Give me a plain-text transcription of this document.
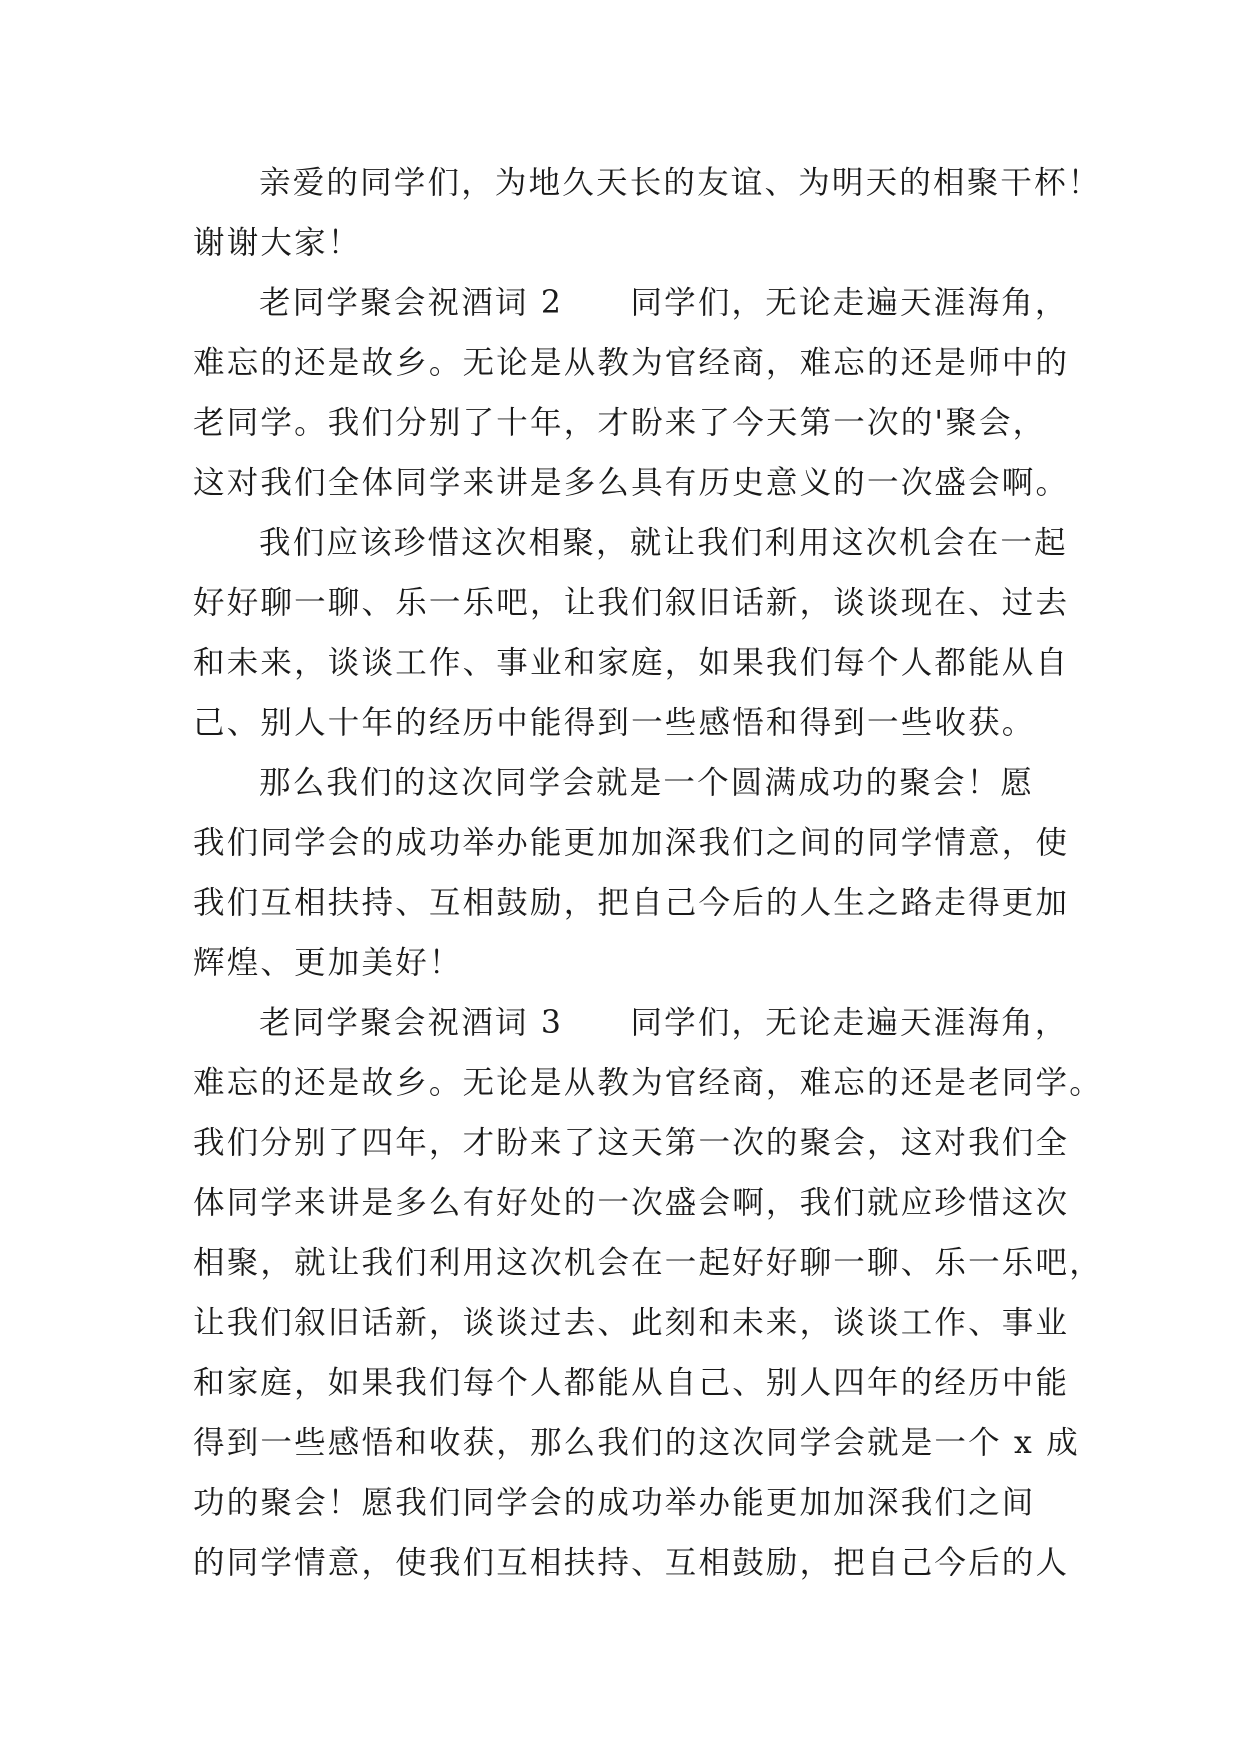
亲爱的同学们，为地久天长的友谊、为明天的相聚干杯！
谢谢大家！
老同学聚会祝酒词 2　　同学们，无论走遍天涯海角，
难忘的还是故乡。无论是从教为官经商，难忘的还是师中的
老同学。我们分别了十年，才盼来了今天第一次的'聚会，
这对我们全体同学来讲是多么具有历史意义的一次盛会啊。
我们应该珍惜这次相聚，就让我们利用这次机会在一起
好好聊一聊、乐一乐吧，让我们叙旧话新，谈谈现在、过去
和未来，谈谈工作、事业和家庭，如果我们每个人都能从自
己、别人十年的经历中能得到一些感悟和得到一些收获。
那么我们的这次同学会就是一个圆满成功的聚会！愿
我们同学会的成功举办能更加加深我们之间的同学情意，使
我们互相扶持、互相鼓励，把自己今后的人生之路走得更加
辉煌、更加美好！
老同学聚会祝酒词 3　　同学们，无论走遍天涯海角，
难忘的还是故乡。无论是从教为官经商，难忘的还是老同学。
我们分别了四年，才盼来了这天第一次的聚会，这对我们全
体同学来讲是多么有好处的一次盛会啊，我们就应珍惜这次
相聚，就让我们利用这次机会在一起好好聊一聊、乐一乐吧，
让我们叙旧话新，谈谈过去、此刻和未来，谈谈工作、事业
和家庭，如果我们每个人都能从自己、别人四年的经历中能
得到一些感悟和收获，那么我们的这次同学会就是一个 x 成
功的聚会！愿我们同学会的成功举办能更加加深我们之间
的同学情意，使我们互相扶持、互相鼓励，把自己今后的人
